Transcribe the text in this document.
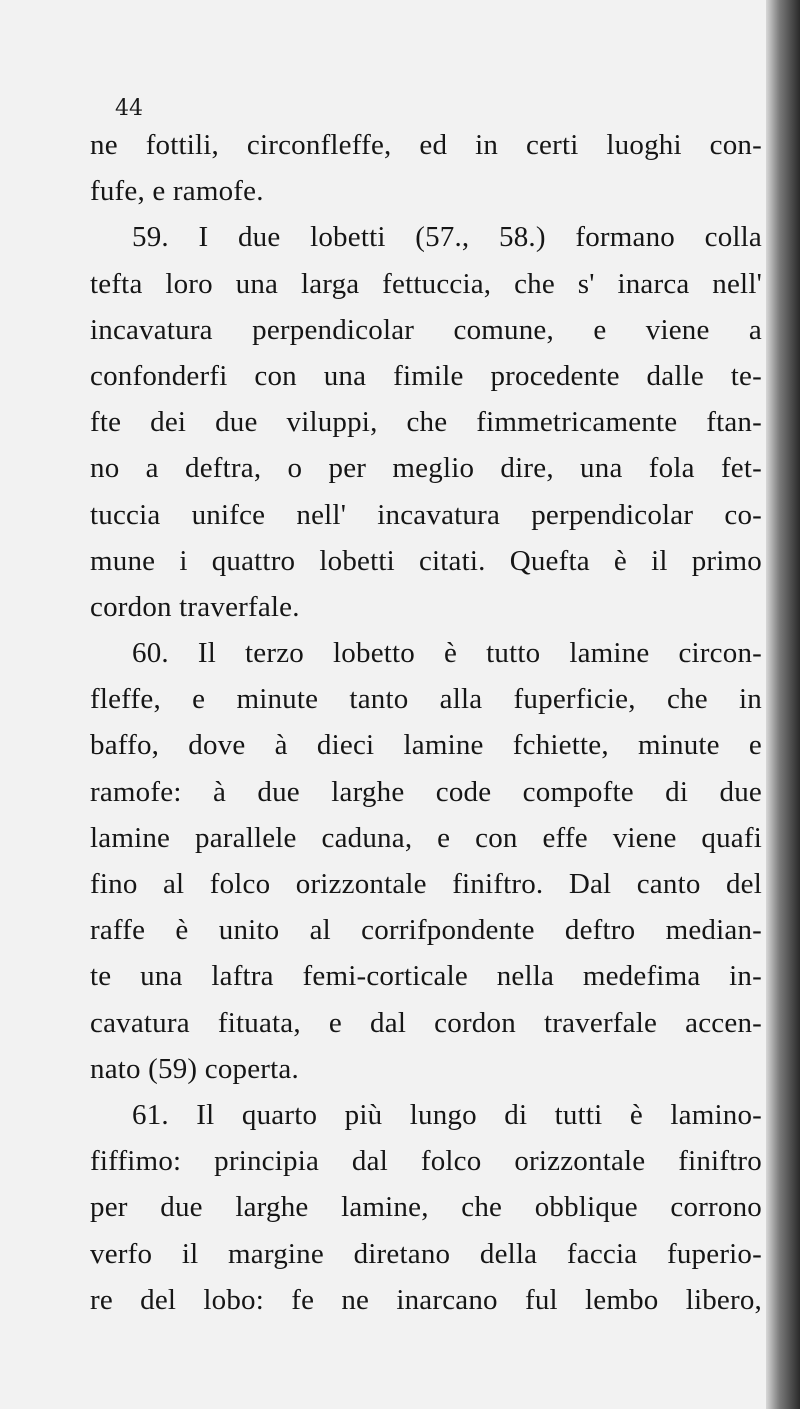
44
ne fottili, circonfleffe, ed in certi luoghi con-
fufe, e ramofe.
59. I due lobetti (57., 58.) formano colla
tefta loro una larga fettuccia, che s' inarca nell'
incavatura perpendicolar comune, e viene a
confonderfi con una fimile procedente dalle te-
fte dei due viluppi, che fimmetricamente ftan-
no a deftra, o per meglio dire, una fola fet-
tuccia unifce nell' incavatura perpendicolar co-
mune i quattro lobetti citati. Quefta è il primo
cordon traverfale.
60. Il terzo lobetto è tutto lamine circon-
fleffe, e minute tanto alla fuperficie, che in
baffo, dove à dieci lamine fchiette, minute e
ramofe: à due larghe code compofte di due
lamine parallele caduna, e con effe viene quafi
fino al folco orizzontale finiftro. Dal canto del
raffe è unito al corrifpondente deftro median-
te una laftra femi-corticale nella medefima in-
cavatura fituata, e dal cordon traverfale accen-
nato (59) coperta.
61. Il quarto più lungo di tutti è lamino-
fiffimo: principia dal folco orizzontale finiftro
per due larghe lamine, che obblique corrono
verfo il margine diretano della faccia fuperio-
re del lobo: fe ne inarcano ful lembo libero,
